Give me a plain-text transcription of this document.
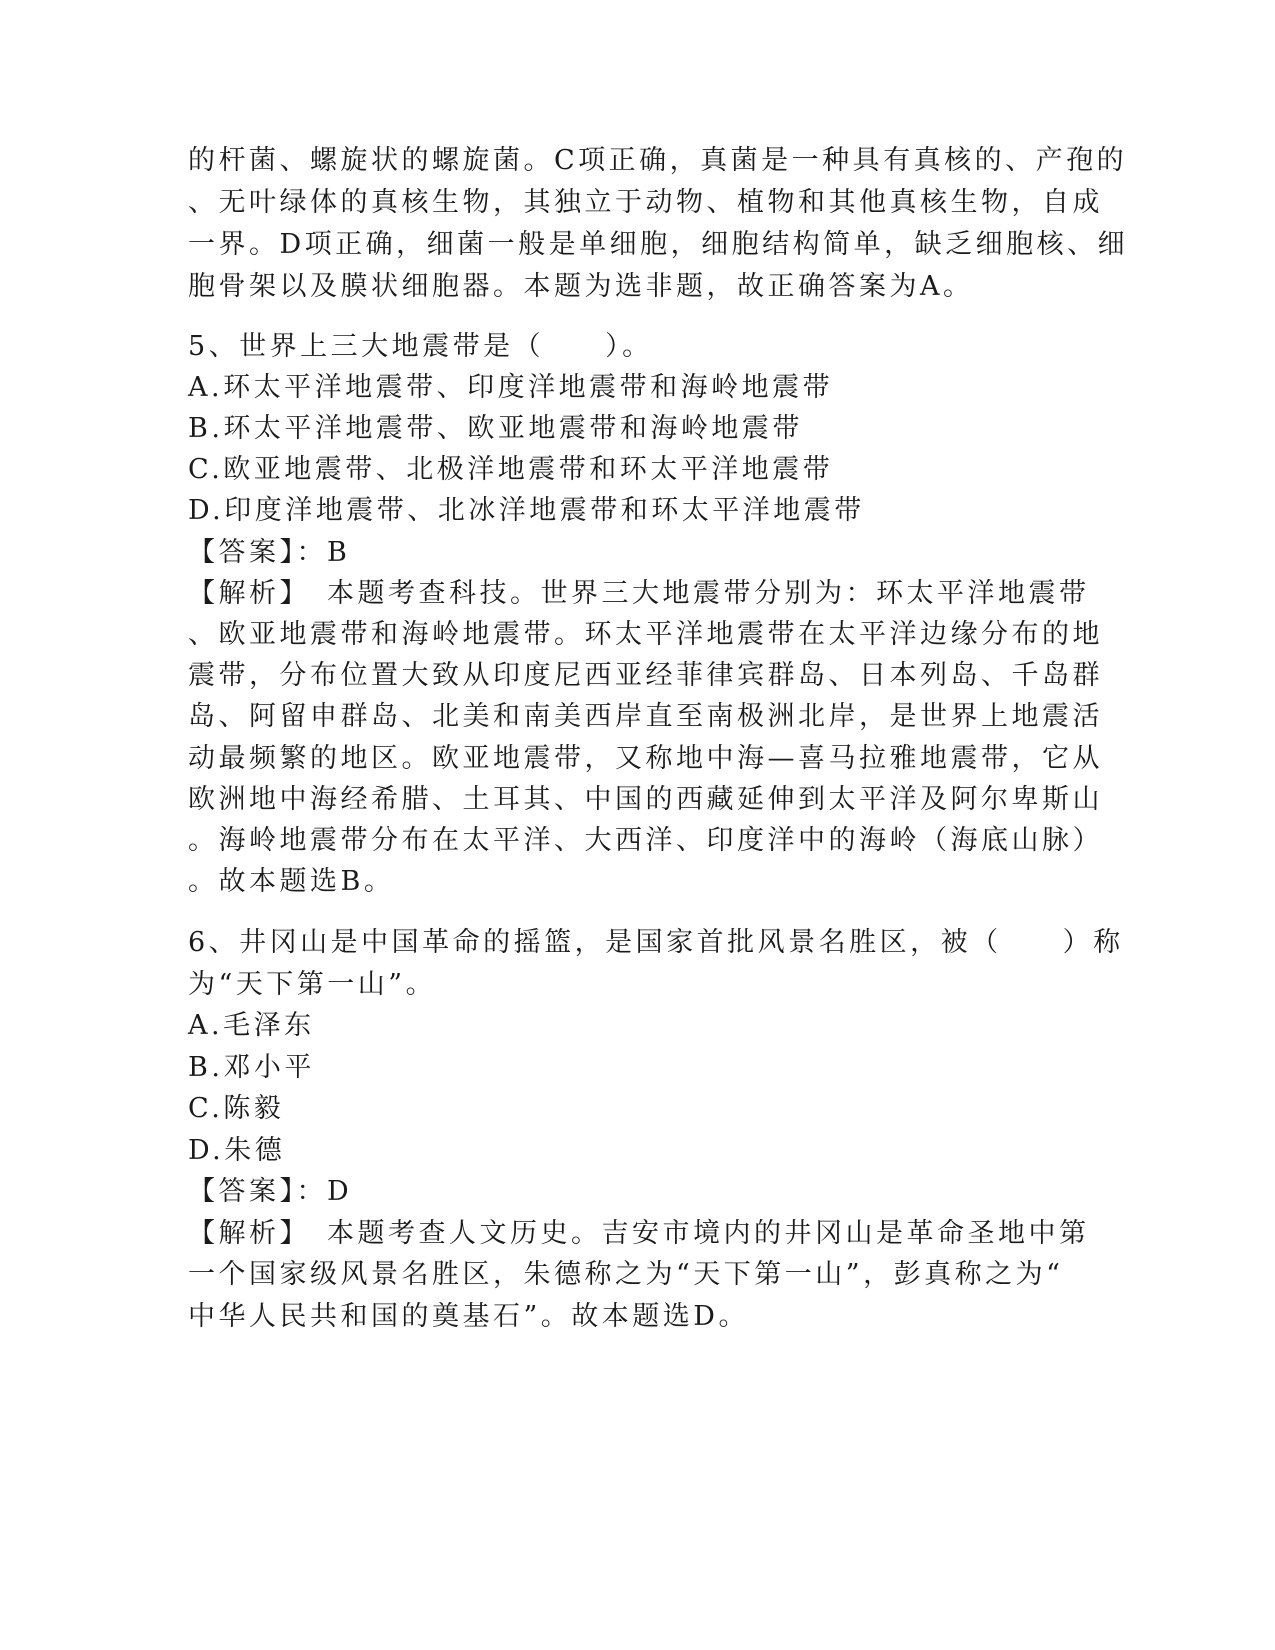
的杆菌、螺旋状的螺旋菌。C项正确，真菌是一种具有真核的、产孢的
、无叶绿体的真核生物，其独立于动物、植物和其他真核生物，自成
一界。D项正确，细菌一般是单细胞，细胞结构简单，缺乏细胞核、细
胞骨架以及膜状细胞器。本题为选非题，故正确答案为A。
5、世界上三大地震带是（　　）。
A.环太平洋地震带、印度洋地震带和海岭地震带
B.环太平洋地震带、欧亚地震带和海岭地震带
C.欧亚地震带、北极洋地震带和环太平洋地震带
D.印度洋地震带、北冰洋地震带和环太平洋地震带
【答案】：B
【解析】　本题考查科技。世界三大地震带分别为：环太平洋地震带
、欧亚地震带和海岭地震带。环太平洋地震带在太平洋边缘分布的地
震带，分布位置大致从印度尼西亚经菲律宾群岛、日本列岛、千岛群
岛、阿留申群岛、北美和南美西岸直至南极洲北岸，是世界上地震活
动最频繁的地区。欧亚地震带，又称地中海—喜马拉雅地震带，它从
欧洲地中海经希腊、土耳其、中国的西藏延伸到太平洋及阿尔卑斯山
。海岭地震带分布在太平洋、大西洋、印度洋中的海岭（海底山脉）
。故本题选B。
6、井冈山是中国革命的摇篮，是国家首批风景名胜区，被（　　）称
为“天下第一山”。
A.毛泽东
B.邓小平
C.陈毅
D.朱德
【答案】：D
【解析】　本题考查人文历史。吉安市境内的井冈山是革命圣地中第
一个国家级风景名胜区，朱德称之为“天下第一山”，彭真称之为“
中华人民共和国的奠基石”。故本题选D。
